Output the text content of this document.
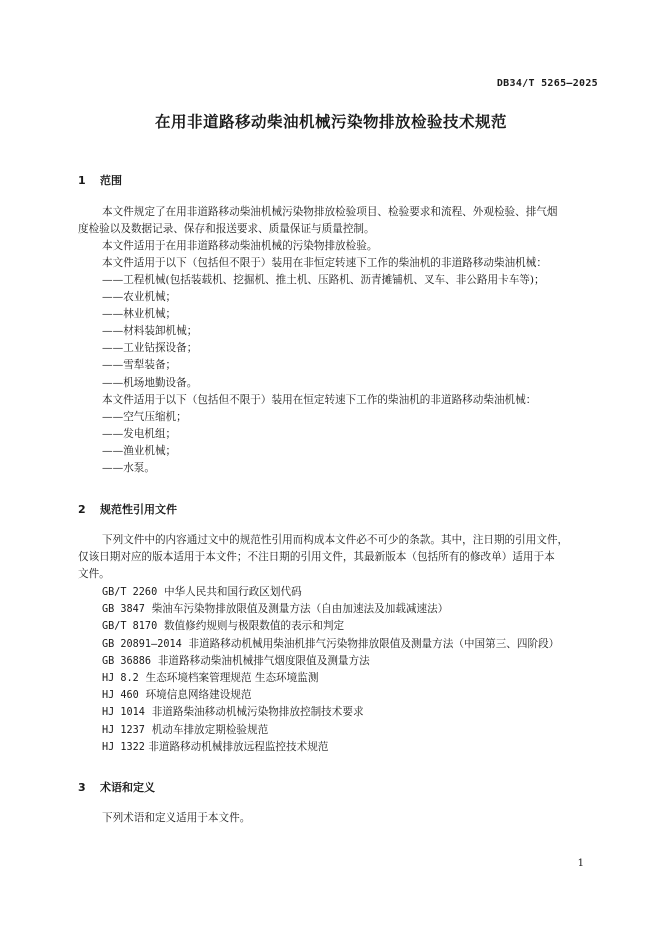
DB34/T 5265—2025
在用非道路移动柴油机械污染物排放检验技术规范
1 范围
本文件规定了在用非道路移动柴油机械污染物排放检验项目、检验要求和流程、外观检验、排气烟
度检验以及数据记录、保存和报送要求、质量保证与质量控制。
本文件适用于在用非道路移动柴油机械的污染物排放检验。
本文件适用于以下（包括但不限于）装用在非恒定转速下工作的柴油机的非道路移动柴油机械：
——工程机械(包括装载机、挖掘机、推土机、压路机、沥青摊铺机、叉车、非公路用卡车等)；
——农业机械；
——林业机械；
——材料装卸机械；
——工业钻探设备；
——雪犁装备；
——机场地勤设备。
本文件适用于以下（包括但不限于）装用在恒定转速下工作的柴油机的非道路移动柴油机械：
——空气压缩机；
——发电机组；
——渔业机械；
——水泵。
2 规范性引用文件
下列文件中的内容通过文中的规范性引用而构成本文件必不可少的条款。其中，注日期的引用文件，
仅该日期对应的版本适用于本文件；不注日期的引用文件，其最新版本（包括所有的修改单）适用于本
文件。
GB/T 2260 中华人民共和国行政区划代码
GB 3847 柴油车污染物排放限值及测量方法（自由加速法及加载减速法）
GB/T 8170 数值修约规则与极限数值的表示和判定
GB 20891—2014 非道路移动机械用柴油机排气污染物排放限值及测量方法（中国第三、四阶段）
GB 36886 非道路移动柴油机械排气烟度限值及测量方法
HJ 8.2 生态环境档案管理规范 生态环境监测
HJ 460 环境信息网络建设规范
HJ 1014 非道路柴油移动机械污染物排放控制技术要求
HJ 1237 机动车排放定期检验规范
HJ 1322 非道路移动机械排放远程监控技术规范
3 术语和定义
下列术语和定义适用于本文件。
1
